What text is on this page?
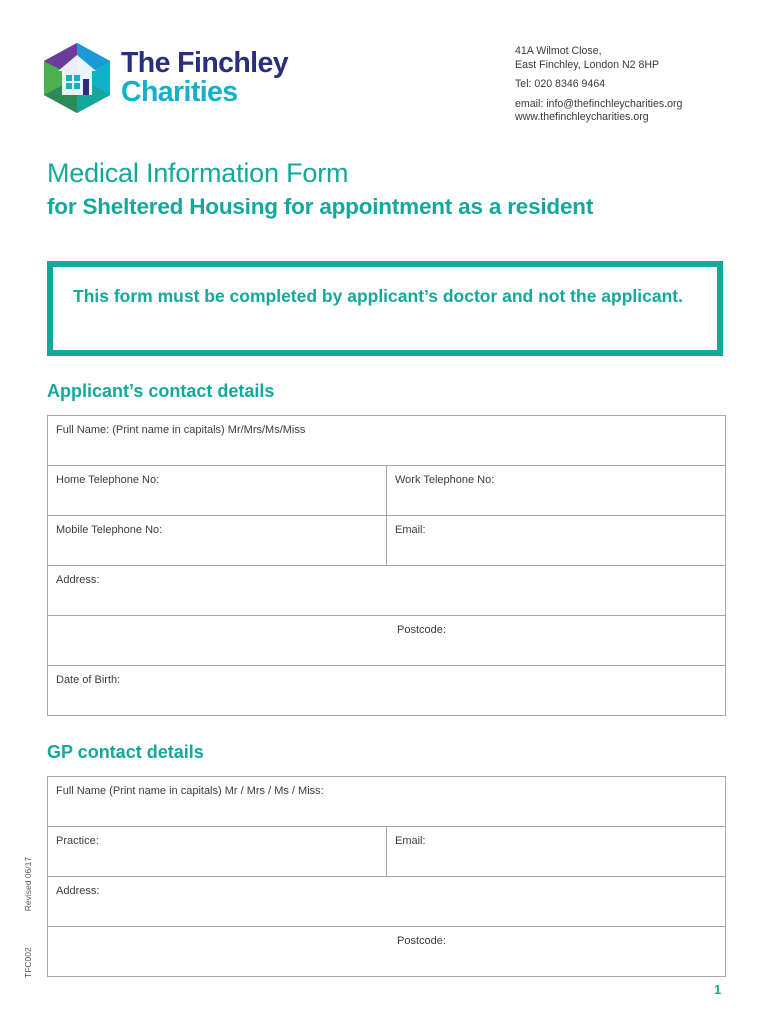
The Finchley
Charities
41A Wilmot Close,
East Finchley, London N2 8HP
Tel: 020 8346 9464
email: info@thefinchleycharities.org
www.thefinchleycharities.org
Medical Information Form
for Sheltered Housing for appointment as a resident

This form must be completed by applicant’s doctor and not the applicant.

Applicant’s contact details
Full Name: (Print name in capitals) Mr/Mrs/Ms/Miss	
Home Telephone No:	Work Telephone No:
Mobile Telephone No:	Email:
Address:	
Postcode:	
Date of Birth:	
GP contact details
Full Name (Print name in capitals) Mr / Mrs / Ms / Miss:
Practice:	Email:
Address:
Postcode:
TFC002Revised 06/17
1
